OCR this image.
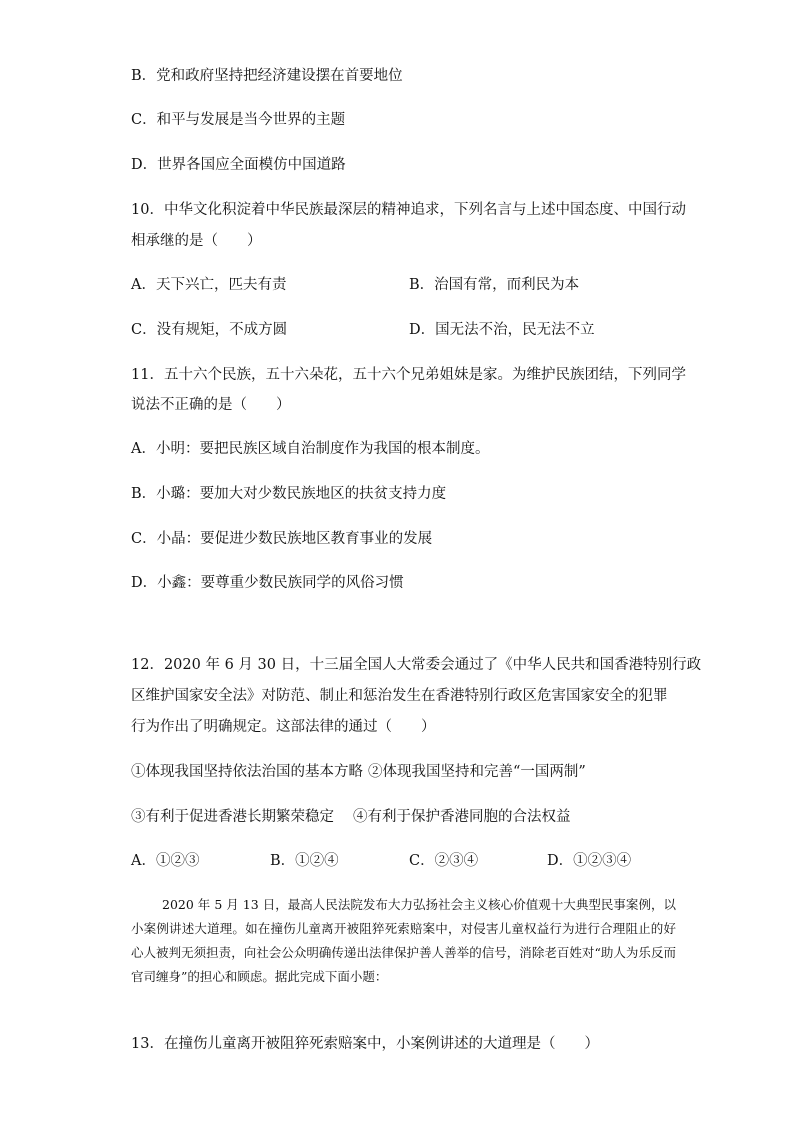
B．党和政府坚持把经济建设摆在首要地位
C．和平与发展是当今世界的主题
D．世界各国应全面模仿中国道路
10．中华文化积淀着中华民族最深层的精神追求，下列名言与上述中国态度、中国行动
相承继的是（　　）
A．天下兴亡，匹夫有责	B．治国有常，而利民为本
C．没有规矩，不成方圆	D．国无法不治，民无法不立
11．五十六个民族，五十六朵花，五十六个兄弟姐妹是家。为维护民族团结，下列同学
说法不正确的是（　　）
A．小明：要把民族区域自治制度作为我国的根本制度。
B．小璐：要加大对少数民族地区的扶贫支持力度
C．小晶：要促进少数民族地区教育事业的发展
D．小鑫：要尊重少数民族同学的风俗习惯
12．2020 年 6 月 30 日，十三届全国人大常委会通过了《中华人民共和国香港特别行政
区维护国家安全法》对防范、制止和惩治发生在香港特别行政区危害国家安全的犯罪
行为作出了明确规定。这部法律的通过（　　）
①体现我国坚持依法治国的基本方略 ②体现我国坚持和完善“一国两制”
③有利于促进香港长期繁荣稳定 ④有利于保护香港同胞的合法权益
A．①②③	B．①②④	C．②③④	D．①②③④
2020 年 5 月 13 日，最高人民法院发布大力弘扬社会主义核心价值观十大典型民事案例，以小案例讲述大道理。如在撞伤儿童离开被阻猝死索赔案中，对侵害儿童权益行为进行合理阻止的好心人被判无须担责，向社会公众明确传递出法律保护善人善举的信号，消除老百姓对“助人为乐反而官司缠身”的担心和顾虑。据此完成下面小题：
13．在撞伤儿童离开被阻猝死索赔案中，小案例讲述的大道理是（　　）
